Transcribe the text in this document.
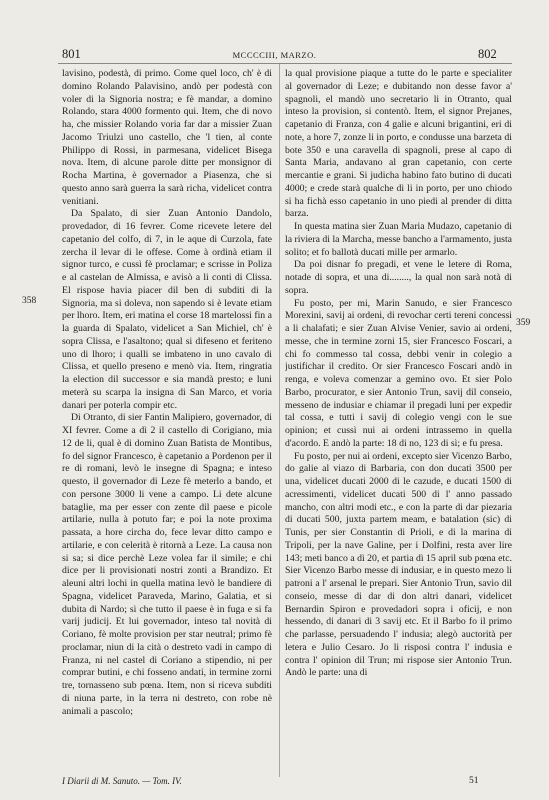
801	MCCCCIII, MARZO.	802
358
359

lavisino, podestà, di primo. Come quel loco, ch' è di domino Rolando Palavisino, andò per podestà con voler di la Signoria nostra; e fè mandar, a domino Rolando, stara 4000 formento qui. Item, che di novo ha, che missier Rolando voria far dar a missier Zuan Jacomo Triulzi uno castello, che 'l tien, al conte Philippo di Rossi, in parmesana, videlicet Bisega nova. Item, di alcune parole ditte per monsignor di Rocha Martina, è governador a Piasenza, che si questo anno sarà guerra la sarà richa, videlicet contra venitiani.

Da Spalato, di sier Zuan Antonio Dandolo, provedador, di 16 fevrer. Come ricevete letere del capetanio del colfo, di 7, in le aque di Curzola, fate zercha il levar di le offese. Come à ordinà etiam il signor turco, e cussì fè proclamar; e scrisse in Poliza e al castelan de Almissa, e avisò a li conti di Clissa. El rispose havia piacer dil ben di subditi di la Signoria, ma si doleva, non sapendo si è levate etiam per lhoro. Item, eri matina el corse 18 martelossi fin a la guarda di Spalato, videlicet a San Michiel, ch' è sopra Clissa, e l'asaltono; qual si difeseno et feriteno uno di lhoro; i qualli se imbateno in uno cavalo di Clissa, et quello preseno e menò via. Item, ringratia la election dil successor e sia mandà presto; e luni meterà su scarpa la insigna di San Marco, et voria danari per poterla compir etc.

Di Otranto, di sier Fantin Malipiero, governador, di XI fevrer. Come a dì 2 il castello di Corigiano, mia 12 de li, qual è di domino Zuan Batista de Montibus, fo del signor Francesco, è capetanio a Pordenon per il re di romani, levò le insegne di Spagna; e inteso questo, il governador di Leze fè meterlo a bando, et con persone 3000 li vene a campo. Li dete alcune bataglie, ma per esser con zente dil paese e picole artilarie, nulla à potuto far; e poi la note proxima passata, a hore circha do, fece levar ditto campo e artilarie, e con celerità è ritornà a Leze. La causa non si sa; si dice perchè Leze volea far il simile; e chi dice per li provisionati nostri zonti a Brandizo. Et aleuni altri lochi in quella matina levò le bandiere di Spagna, videlicet Paraveda, Marino, Galatia, et si dubita di Nardo; sì che tutto il paese è in fuga e si fa varij judicij. Et lui governador, inteso tal novità di Coriano, fè molte provision per star neutral; primo fè proclamar, niun di la cità o destreto vadi in campo di Franza, ni nel castel di Coriano a stipendio, ni per comprar butini, e chi fosseno andati, in termine zorni tre, tornasseno sub pœna. Item, non si riceva subditi di niuna parte, in la terra ni destreto, con robe nè animali a pascolo;

la qual provisione piaque a tutte do le parte e specialiter al governador di Leze; e dubitando non desse favor a' spagnoli, el mandò uno secretario li in Otranto, qual inteso la provision, si contentò. Item, el signor Prejanes, capetanio di Franza, con 4 galie e alcuni brigantini, eri di note, a hore 7, zonze li in porto, e condusse una barzeta di bote 350 e una caravella di spagnoli, prese al capo di Santa Maria, andavano al gran capetanio, con certe mercantie e grani. Si judicha habino fato butino di ducati 4000; e crede starà qualche dì li in porto, per uno chiodo si ha fichà esso capetanio in uno piedi al prender di ditta barza.

In questa matina sier Zuan Maria Mudazo, capetanio di la riviera di la Marcha, messe bancho a l'armamento, justa solito; et fo ballotà ducati mille per armarlo.

Da poi disnar fo pregadi, et vene le letere di Roma, notade di sopra, et una di........, la qual non sarà notà di sopra.

Fu posto, per mi, Marin Sanudo, e sier Francesco Morexini, savij ai ordeni, di revochar certi tereni concessi a li chalafati; e sier Zuan Alvise Venier, savio ai ordeni, messe, che in termine zorni 15, sier Francesco Foscari, a chi fo commesso tal cossa, debbi venir in colegio a justifichar il credito. Or sier Francesco Foscari andò in renga, e voleva comenzar a gemino ovo. Et sier Polo Barbo, procurator, e sier Antonio Trun, savij dil conseio, messeno de indusiar e chiamar il pregadi luni per expedir tal cossa, e tutti i savij di colegio vengi con le sue opinion; et cussì nui ai ordeni intrassemo in quella d'acordo. E andò la parte: 18 di no, 123 di sì; e fu presa.

Fu posto, per nui ai ordeni, excepto sier Vicenzo Barbo, do galie al viazo di Barbaria, con don ducati 3500 per una, videlicet ducati 2000 di le cazude, e ducati 1500 di acressimenti, videlicet ducati 500 di l' anno passado mancho, con altri modi etc., e con la parte di dar piezaria di ducati 500, juxta partem meam, e batalation (sic) di Tunis, per sier Constantin di Prioli, e di la marina di Tripoli, per la nave Galine, per i Dolfini, resta aver lire 143; meti banco a dì 20, et partia dì 15 april sub pœna etc. Sier Vicenzo Barbo messe di indusiar, e in questo mezo li patroni a l' arsenal le prepari. Sier Antonio Trun, savio dil conseio, messe di dar di don altri danari, videlicet Bernardin Spiron e provedadori sopra i oficij, e non hessendo, di danari di 3 savij etc. Et il Barbo fo il primo che parlasse, persuadendo l' indusia; alegò auctorità per letera e Julio Cesaro. Jo li risposi contra l' indusia e contra l' opinion dil Trun; mi rispose sier Antonio Trun. Andò le parte: una di

I Diarii di M. Sanuto. — Tom. IV.	51
